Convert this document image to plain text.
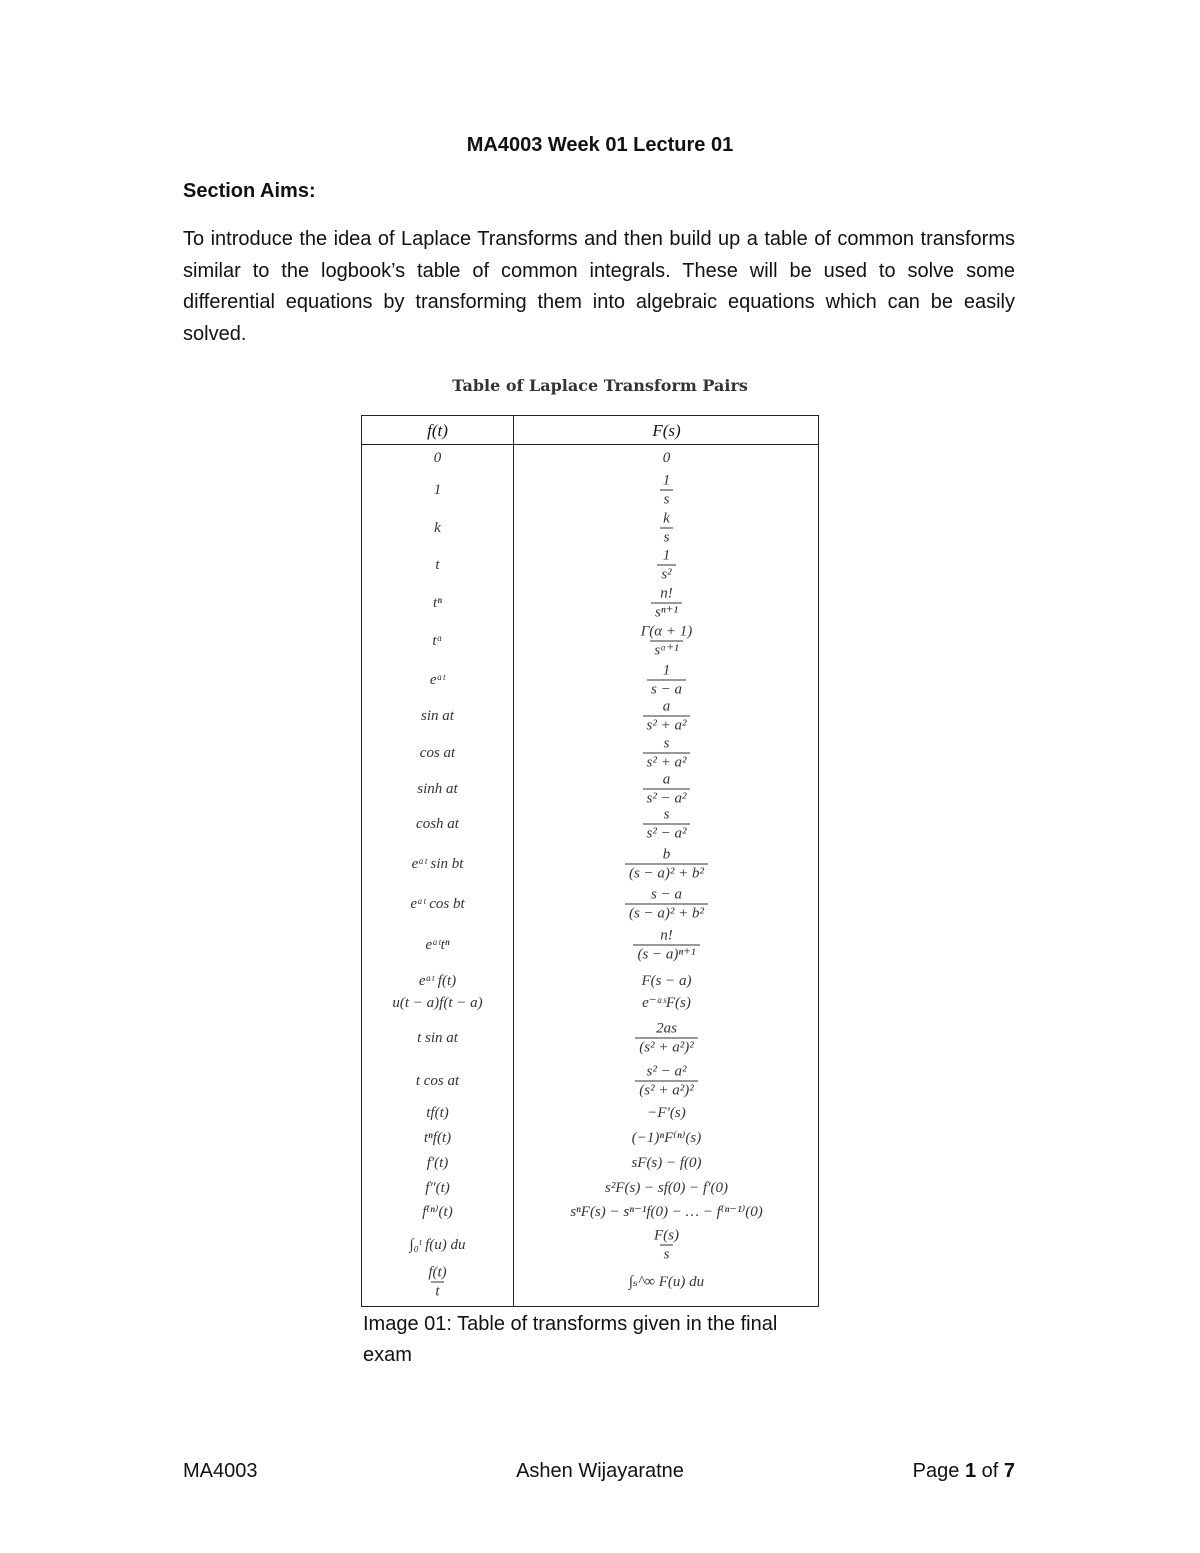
MA4003 Week 01 Lecture 01
Section Aims:

To introduce the idea of Laplace Transforms and then build up a table of common transforms similar to the logbook’s table of common integrals. These will be used to solve some differential equations by transforming them into algebraic equations which can be easily solved.

Table of Laplace Transform Pairs
f(t)	F(s)
0	0
1	$\frac{1}{s}$
k	$\frac{k}{s}$
t	$\frac{1}{\text{s²}}$
tⁿ	$\frac{n!}{\text{sⁿ⁺¹}}$
tᵅ	$\frac{\Gamma(\alpha + 1)}{\text{sᵅ⁺¹}}$
eᵃᵗ	$\frac{1}{s - a}$
sin at	$\frac{a}{\text{s² + a²}}$
cos at	$\frac{s}{\text{s² + a²}}$
sinh at	$\frac{a}{\text{s² − a²}}$
cosh at	$\frac{s}{\text{s² − a²}}$
eᵃᵗ sin bt	$\frac{b}{\text{(s − a)² + b²}}$
eᵃᵗ cos bt	$\frac{s - a}{\text{(s − a)² + b²}}$
eᵃᵗtⁿ	$\frac{n!}{\text{(s − a)ⁿ⁺¹}}$
eᵃᵗ f(t)	F(s − a)
u(t − a)f(t − a)	e⁻ᵃˢF(s)
t sin at	$\frac{2as}{\text{(s² + a²)²}}$
t cos at	$\frac{\text{s² − a²}}{\text{(s² + a²)²}}$
tf(t)	−F′(s)
tⁿf(t)	(−1)ⁿF⁽ⁿ⁾(s)
f′(t)	sF(s) − f(0)
f″(t)	s²F(s) − sf(0) − f′(0)
f⁽ⁿ⁾(t)	sⁿF(s) − sⁿ⁻¹f(0) − … − f⁽ⁿ⁻¹⁾(0)
∫₀ᵗ f(u) du	$\frac{F(s)}{s}$
$\frac{f(t)}{t}$	∫ₛ^∞ F(u) du

Image 01: Table of transforms given in the final exam

MA4003	Ashen Wijayaratne	Page 1 of 7
